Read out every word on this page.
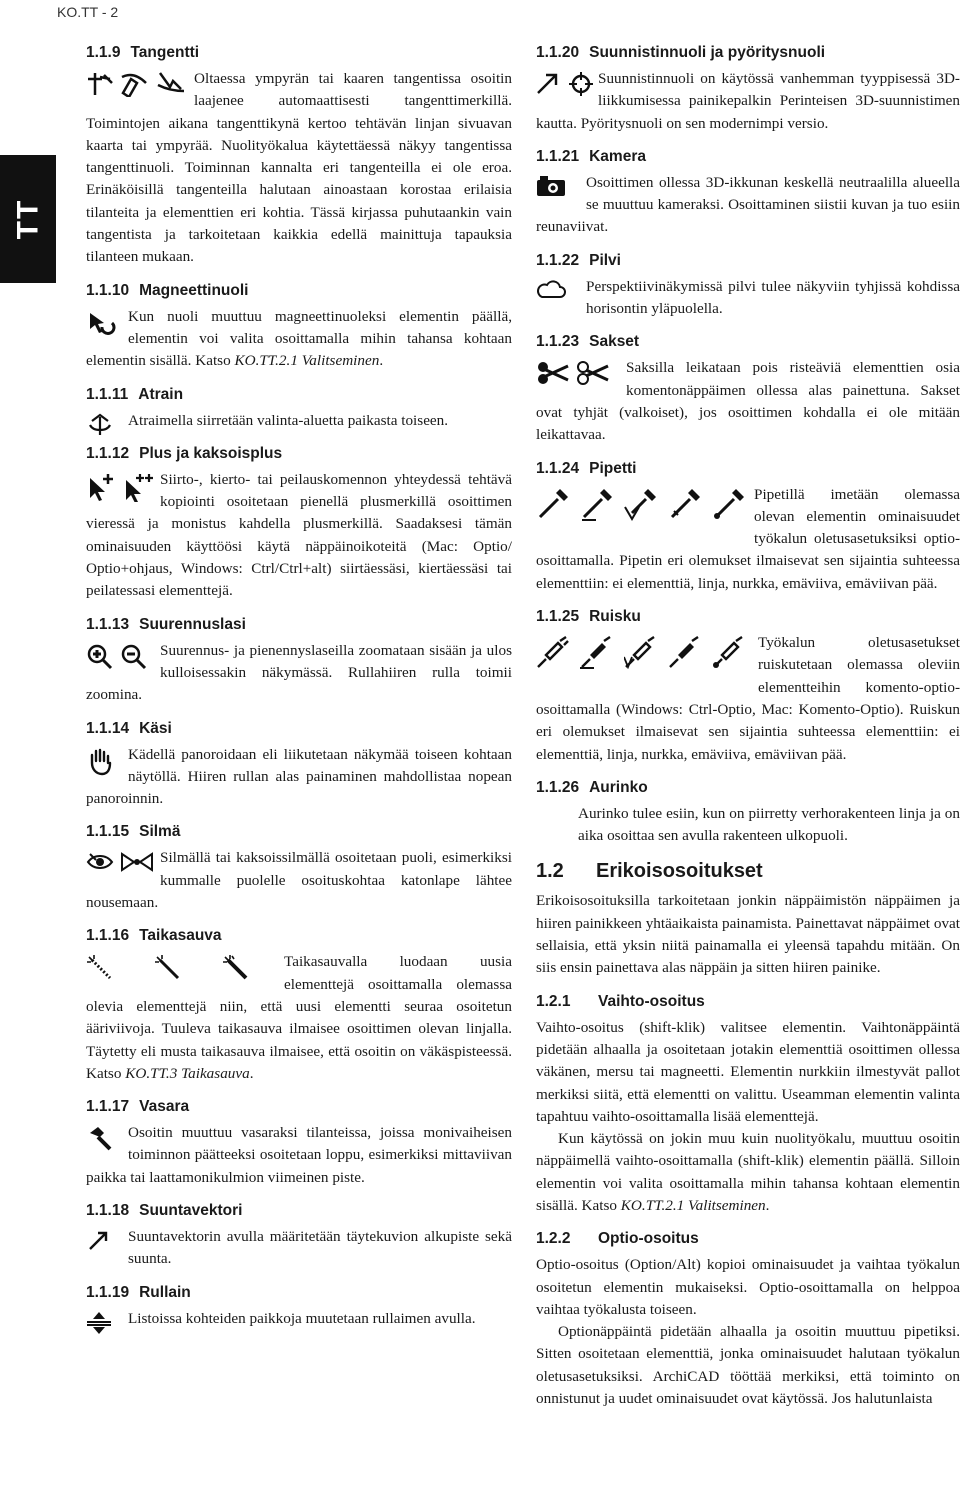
KO.TT - 2
TT
1.1.9 Tangentti

Oltaessa ympyrän tai kaaren tangentissa osoitin laajenee automaattisesti tangenttimerkillä. Toimintojen aikana tangenttikynä kertoo tehtävän linjan sivuavan kaarta tai ympyrää. Nuolityökalua käytettäessä näkyy tangentissa tangenttinuoli. Toiminnan kannalta eri tangenteilla ei ole eroa. Erinäköisillä tangenteilla halutaan ainoastaan korostaa erilaisia tilanteita ja elementtien eri kohtia. Tässä kirjassa puhutaankin vain tangentista ja tarkoitetaan kaikkia edellä mainittuja tapauksia tilanteen mukaan.

1.1.10 Magneettinuoli

Kun nuoli muuttuu magneettinuoleksi elementin päällä, elementin voi valita osoittamalla mihin tahansa kohtaan elementin sisällä. Katso KO.TT.2.1 Valitseminen.

1.1.11 Atrain

Atraimella siirretään valinta-aluetta paikasta toiseen.

1.1.12 Plus ja kaksoisplus

Siirto-, kierto- tai peilauskomennon yhteydessä tehtävä kopiointi osoitetaan pienellä plusmerkillä osoittimen vieressä ja monistus kahdella plusmerkillä. Saadaksesi tämän ominaisuuden käyttöösi käytä näppäinoikoteitä (Mac: Optio/ Optio+ohjaus, Windows: Ctrl/Ctrl+alt) siirtäessäsi, kiertäessäsi tai peilatessasi elementtejä.

1.1.13 Suurennuslasi

Suurennus- ja pienennyslaseilla zoomataan sisään ja ulos kulloisessakin näkymässä. Rullahiiren rulla toimii zoomina.

1.1.14 Käsi

Kädellä panoroidaan eli liikutetaan näkymää toiseen kohtaan näytöllä. Hiiren rullan alas painaminen mahdollistaa nopean panoroinnin.

1.1.15 Silmä

Silmällä tai kaksoissilmällä osoitetaan puoli, esimerkiksi kummalle puolelle osoituskohtaa katonlape lähtee nousemaan.

1.1.16 Taikasauva

Taikasauvalla luodaan uusia elementtejä osoittamalla olemassa olevia elementtejä niin, että uusi elementti seuraa osoitetun ääriviivoja. Tuuleva taikasauva ilmaisee osoittimen olevan linjalla. Täytetty eli musta taikasauva ilmaisee, että osoitin on väkäspisteessä. Katso KO.TT.3 Taikasauva.

1.1.17 Vasara

Osoitin muuttuu vasaraksi tilanteissa, joissa monivaiheisen toiminnon päätteeksi osoitetaan loppu, esimerkiksi mittaviivan paikka tai laattamonikulmion viimeinen piste.

1.1.18 Suuntavektori

Suuntavektorin avulla määritetään täytekuvion alkupiste sekä suunta.

1.1.19 Rullain

Listoissa kohteiden paikkoja muutetaan rullaimen avulla.

1.1.20 Suunnistinnuoli ja pyöritysnuoli

Suunnistinnuoli on käytössä vanhemman tyyppisessä 3D-liikkumisessa painikepalkin Perinteisen 3D-suunnistimen kautta. Pyöritysnuoli on sen modernimpi versio.

1.1.21 Kamera

Osoittimen ollessa 3D-ikkunan keskellä neutraalilla alueella se muuttuu kameraksi. Osoittaminen siistii kuvan ja tuo esiin reunaviivat.

1.1.22 Pilvi

Perspektiivinäkymissä pilvi tulee näkyviin tyhjissä kohdissa horisontin yläpuolella.

1.1.23 Sakset

Saksilla leikataan pois risteäviä elementtien osia komentonäppäimen ollessa alas painettuna. Sakset ovat tyhjät (valkoiset), jos osoittimen kohdalla ei ole mitään leikattavaa.

1.1.24 Pipetti

Pipetillä imetään olemassa olevan elementin ominaisuudet työkalun oletusasetuksiksi optio-osoittamalla. Pipetin eri olemukset ilmaisevat sen sijaintia suhteessa elementtiin: ei elementtiä, linja, nurkka, emäviiva, emäviivan pää.

1.1.25 Ruisku

Työkalun oletusasetukset ruiskutetaan olemassa oleviin elementteihin komento-optio-osoittamalla (Windows: Ctrl-Optio, Mac: Komento-Optio). Ruiskun eri olemukset ilmaisevat sen sijaintia suhteessa elementtiin: ei elementtiä, linja, nurkka, emäviiva, emäviivan pää.

1.1.26 Aurinko

Aurinko tulee esiin, kun on piirretty verhorakenteen linja ja on aika osoittaa sen avulla rakenteen ulkopuoli.

1.2 Erikoisosoitukset

Erikoisosoituksilla tarkoitetaan jonkin näppäimistön näppäimen ja hiiren painikkeen yhtäaikaista painamista. Painettavat näppäimet ovat sellaisia, että yksin niitä painamalla ei yleensä tapahdu mitään. On siis ensin painettava alas näppäin ja sitten hiiren painike.

1.2.1 Vaihto-osoitus

Vaihto-osoitus (shift-klik) valitsee elementin. Vaihtonäppäintä pidetään alhaalla ja osoitetaan jotakin elementtiä osoittimen ollessa väkänen, mersu tai magneetti. Elementin nurkkiin ilmestyvät pallot merkiksi siitä, että elementti on valittu. Useamman elementin valinta tapahtuu vaihto-osoittamalla lisää elementtejä.

Kun käytössä on jokin muu kuin nuolityökalu, muuttuu osoitin näppäimellä vaihto-osoittamalla (shift-klik) elementin päällä. Silloin elementin voi valita osoittamalla mihin tahansa kohtaan elementin sisällä. Katso KO.TT.2.1 Valitseminen.

1.2.2 Optio-osoitus

Optio-osoitus (Option/Alt) kopioi ominaisuudet ja vaihtaa työkalun osoitetun elementin mukaiseksi. Optio-osoittamalla on helppoa vaihtaa työkalusta toiseen.

Optionäppäintä pidetään alhaalla ja osoitin muuttuu pipetiksi. Sitten osoitetaan elementtiä, jonka ominaisuudet halutaan työkalun oletusasetuksiksi. ArchiCAD tööttää merkiksi, että toiminto on onnistunut ja uudet ominaisuudet ovat käytössä. Jos halutunlaista
